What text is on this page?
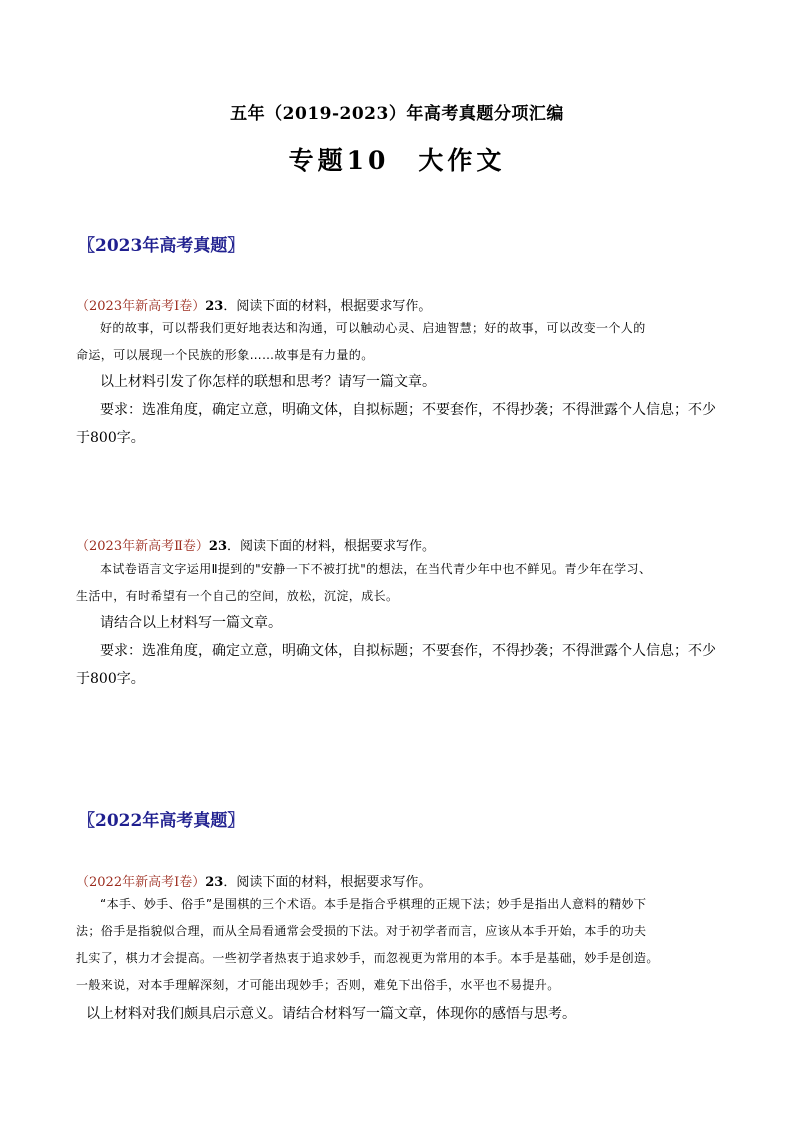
五年（2019-2023）年高考真题分项汇编
专题10　大作文
〖2023年高考真题〗
（2023年新高考Ⅰ卷）23．阅读下面的材料，根据要求写作。
好的故事，可以帮我们更好地表达和沟通，可以触动心灵、启迪智慧；好的故事，可以改变一个人的
命运，可以展现一个民族的形象……故事是有力量的。
以上材料引发了你怎样的联想和思考？请写一篇文章。
要求：选准角度，确定立意，明确文体，自拟标题；不要套作，不得抄袭；不得泄露个人信息；不少
于800字。
（2023年新高考Ⅱ卷）23．阅读下面的材料，根据要求写作。
本试卷语言文字运用Ⅱ提到的"安静一下不被打扰"的想法，在当代青少年中也不鲜见。青少年在学习、
生活中，有时希望有一个自己的空间，放松，沉淀，成长。
请结合以上材料写一篇文章。
要求：选准角度，确定立意，明确文体，自拟标题；不要套作，不得抄袭；不得泄露个人信息；不少
于800字。
〖2022年高考真题〗
（2022年新高考Ⅰ卷）23．阅读下面的材料，根据要求写作。
“本手、妙手、俗手”是围棋的三个术语。本手是指合乎棋理的正规下法；妙手是指出人意料的精妙下
法；俗手是指貌似合理，而从全局看通常会受损的下法。对于初学者而言，应该从本手开始，本手的功夫
扎实了，棋力才会提高。一些初学者热衷于追求妙手，而忽视更为常用的本手。本手是基础，妙手是创造。
一般来说，对本手理解深刻，才可能出现妙手；否则，难免下出俗手，水平也不易提升。
以上材料对我们颇具启示意义。请结合材料写一篇文章，体现你的感悟与思考。
